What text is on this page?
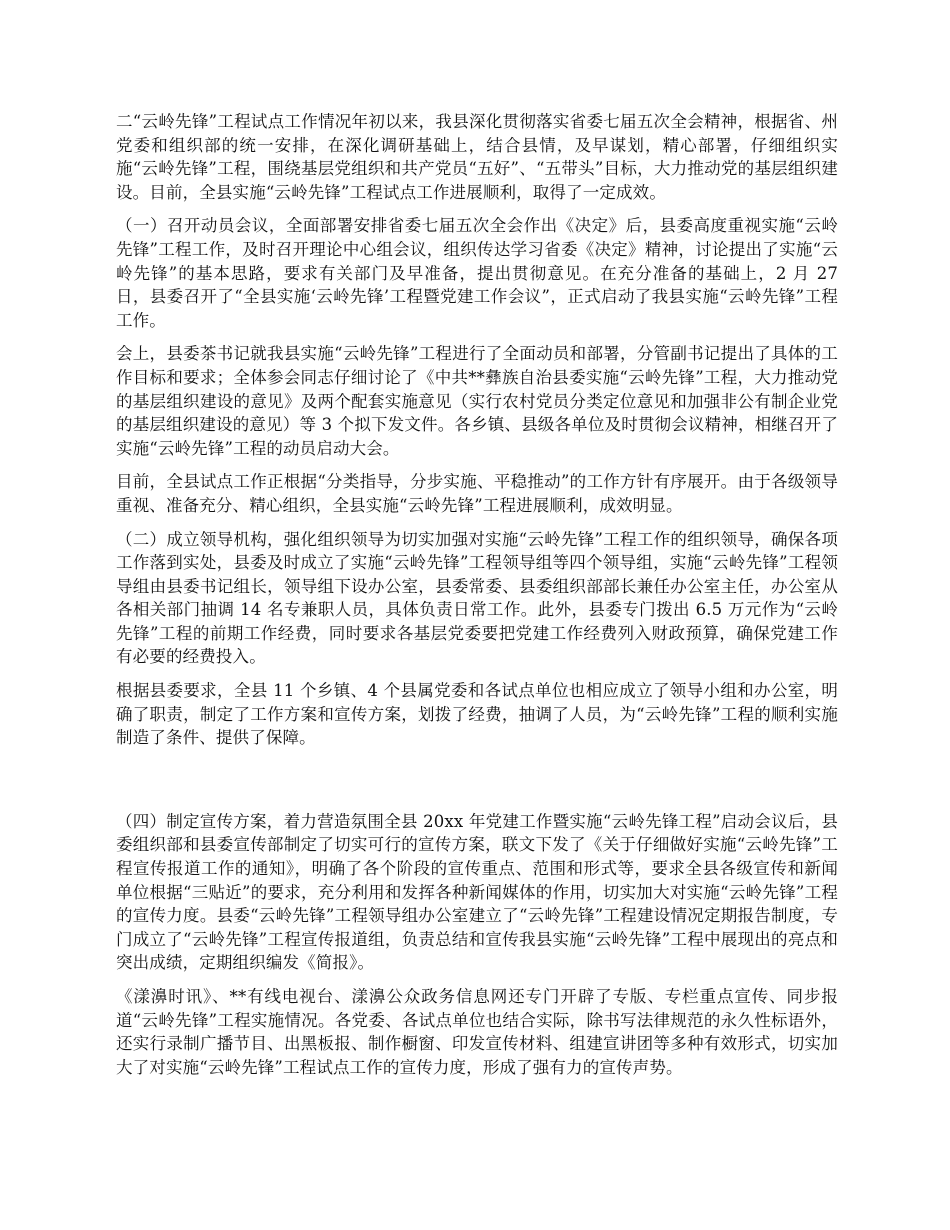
二“云岭先锋”工程试点工作情况年初以来，我县深化贯彻落实省委七届五次全会精神，根据省、州党委和组织部的统一安排，在深化调研基础上，结合县情，及早谋划，精心部署，仔细组织实施“云岭先锋”工程，围绕基层党组织和共产党员“五好”、“五带头”目标，大力推动党的基层组织建设。目前，全县实施“云岭先锋”工程试点工作进展顺利，取得了一定成效。

（一）召开动员会议，全面部署安排省委七届五次全会作出《决定》后，县委高度重视实施“云岭先锋”工程工作，及时召开理论中心组会议，组织传达学习省委《决定》精神，讨论提出了实施“云岭先锋”的基本思路，要求有关部门及早准备，提出贯彻意见。在充分准备的基础上，2 月 27 日，县委召开了“全县实施‘云岭先锋’工程暨党建工作会议”，正式启动了我县实施“云岭先锋”工程工作。

会上，县委茶书记就我县实施“云岭先锋”工程进行了全面动员和部署，分管副书记提出了具体的工作目标和要求；全体参会同志仔细讨论了《中共**彝族自治县委实施“云岭先锋”工程，大力推动党的基层组织建设的意见》及两个配套实施意见（实行农村党员分类定位意见和加强非公有制企业党的基层组织建设的意见）等 3 个拟下发文件。各乡镇、县级各单位及时贯彻会议精神，相继召开了实施“云岭先锋”工程的动员启动大会。

目前，全县试点工作正根据“分类指导，分步实施、平稳推动”的工作方针有序展开。由于各级领导重视、准备充分、精心组织，全县实施“云岭先锋”工程进展顺利，成效明显。

（二）成立领导机构，强化组织领导为切实加强对实施“云岭先锋”工程工作的组织领导，确保各项工作落到实处，县委及时成立了实施“云岭先锋”工程领导组等四个领导组，实施“云岭先锋”工程领导组由县委书记组长，领导组下设办公室，县委常委、县委组织部部长兼任办公室主任，办公室从各相关部门抽调 14 名专兼职人员，具体负责日常工作。此外，县委专门拨出 6.5 万元作为“云岭先锋”工程的前期工作经费，同时要求各基层党委要把党建工作经费列入财政预算，确保党建工作有必要的经费投入。

根据县委要求，全县 11 个乡镇、4 个县属党委和各试点单位也相应成立了领导小组和办公室，明确了职责，制定了工作方案和宣传方案，划拨了经费，抽调了人员，为“云岭先锋”工程的顺利实施制造了条件、提供了保障。

（四）制定宣传方案，着力营造氛围全县 20xx 年党建工作暨实施“云岭先锋工程”启动会议后，县委组织部和县委宣传部制定了切实可行的宣传方案，联文下发了《关于仔细做好实施“云岭先锋”工程宣传报道工作的通知》，明确了各个阶段的宣传重点、范围和形式等，要求全县各级宣传和新闻单位根据“三贴近”的要求，充分利用和发挥各种新闻媒体的作用，切实加大对实施“云岭先锋”工程的宣传力度。县委“云岭先锋”工程领导组办公室建立了“云岭先锋”工程建设情况定期报告制度，专门成立了“云岭先锋”工程宣传报道组，负责总结和宣传我县实施“云岭先锋”工程中展现出的亮点和突出成绩，定期组织编发《简报》。

《漾濞时讯》、**有线电视台、漾濞公众政务信息网还专门开辟了专版、专栏重点宣传、同步报道“云岭先锋”工程实施情况。各党委、各试点单位也结合实际，除书写法律规范的永久性标语外，还实行录制广播节目、出黑板报、制作橱窗、印发宣传材料、组建宣讲团等多种有效形式，切实加大了对实施“云岭先锋”工程试点工作的宣传力度，形成了强有力的宣传声势。
